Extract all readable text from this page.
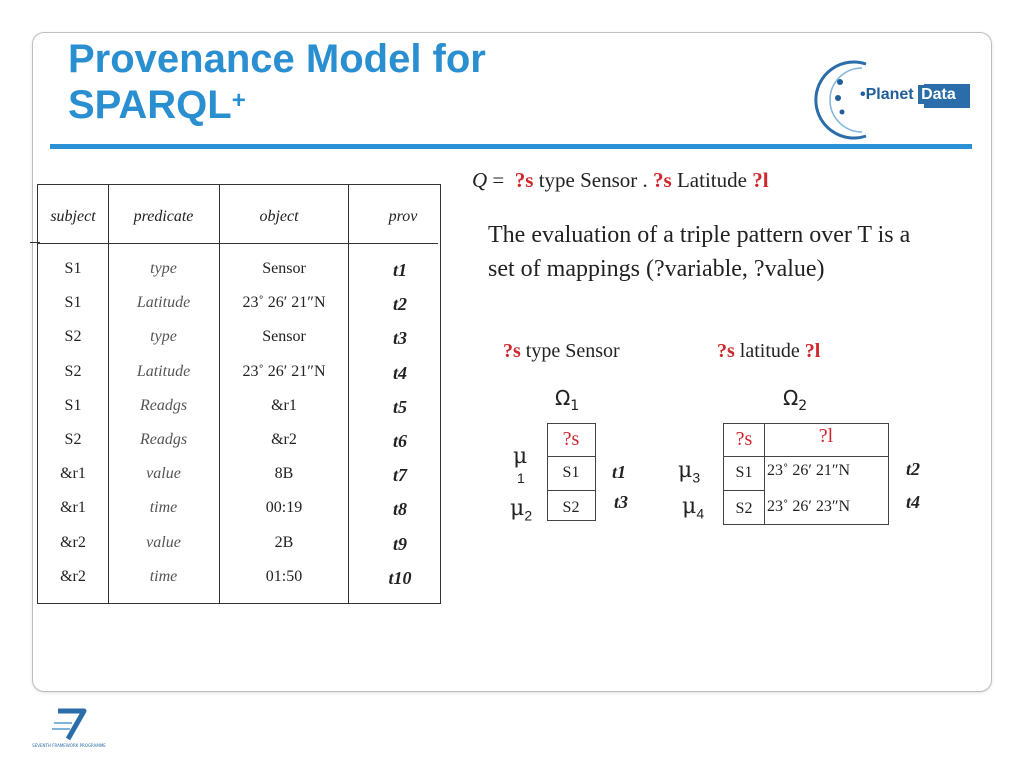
Provenance Model for
SPARQL+	•Planet Data
subject	predicate	object	prov
S1	type	Sensor	t1
S1	Latitude	23˚ 26′ 21″N	t2
S2	type	Sensor	t3
S2	Latitude	23˚ 26′ 21″N	t4
S1	Readgs	&r1	t5
S2	Readgs	&r2	t6
&r1	value	8B	t7
&r1	time	00:19	t8
&r2	value	2B	t9
&r2	time	01:50	t10
Q = ?s type Sensor . ?s Latitude ?l
The evaluation of a triple pattern over T is a set of mappings (?variable, ?value)
?s type Sensor	?s latitude ?l
$\Omega_1$
?s
S1
S2
μ
$_1$
$\mu_2$
t1
t3
$\Omega_2$
?s	?l
S1 23˚ 26′ 21″N
S2 23˚ 26′ 23″N
$\mu_3$
$\mu_4$
t2
t4
SEVENTH FRAMEWORK PROGRAMME
